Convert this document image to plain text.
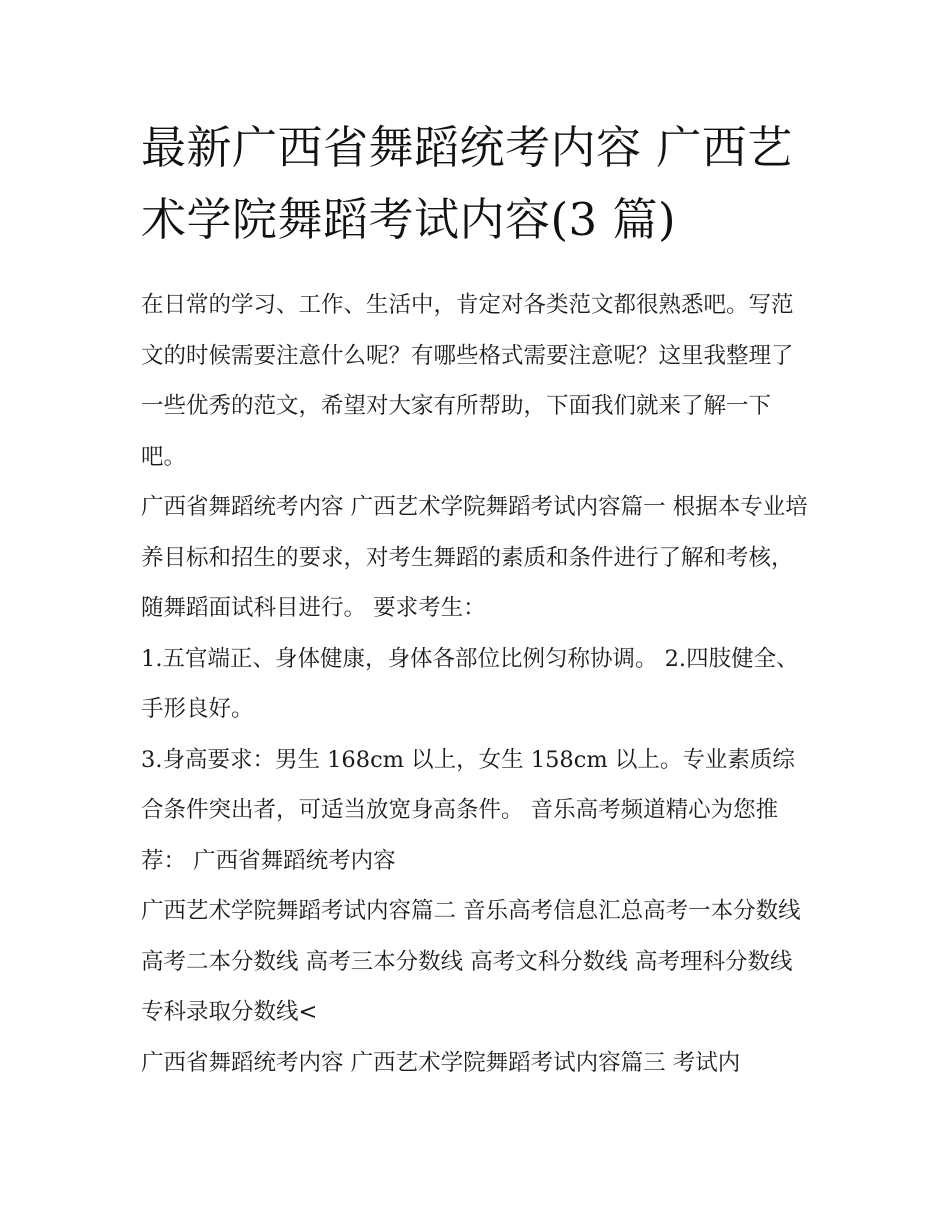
最新广西省舞蹈统考内容 广西艺术学院舞蹈考试内容(3 篇)

在日常的学习、工作、生活中，肯定对各类范文都很熟悉吧。写范文的时候需要注意什么呢？有哪些格式需要注意呢？这里我整理了一些优秀的范文，希望对大家有所帮助，下面我们就来了解一下吧。

广西省舞蹈统考内容 广西艺术学院舞蹈考试内容篇一 根据本专业培养目标和招生的要求，对考生舞蹈的素质和条件进行了解和考核，随舞蹈面试科目进行。 要求考生：

1.五官端正、身体健康，身体各部位比例匀称协调。 2.四肢健全、手形良好。

3.身高要求：男生 168cm 以上，女生 158cm 以上。专业素质综合条件突出者，可适当放宽身高条件。 音乐高考频道精心为您推荐： 广西省舞蹈统考内容

广西艺术学院舞蹈考试内容篇二 音乐高考信息汇总高考一本分数线 高考二本分数线 高考三本分数线 高考文科分数线 高考理科分数线 专科录取分数线<

广西省舞蹈统考内容 广西艺术学院舞蹈考试内容篇三 考试内
